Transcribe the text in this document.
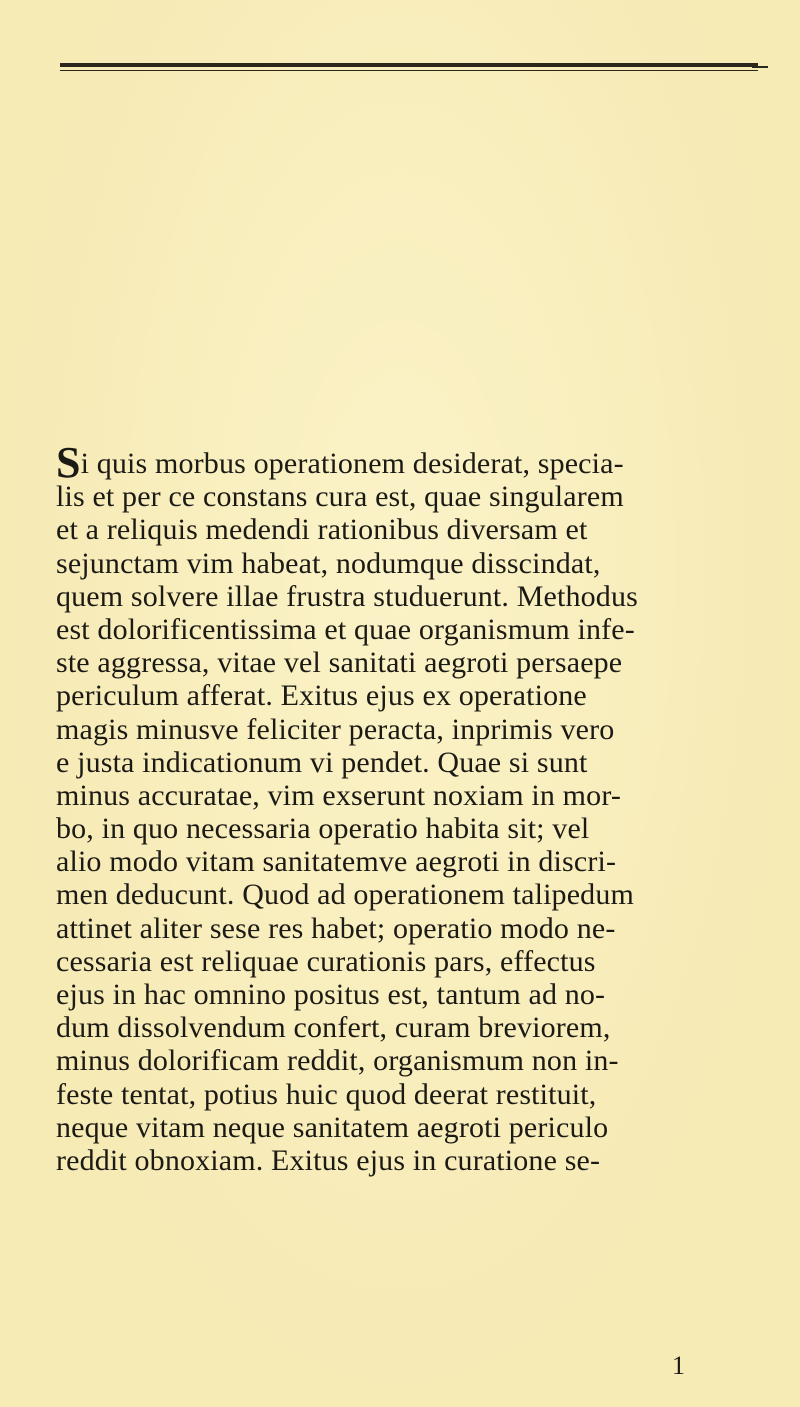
Si quis morbus operationem desiderat, specia-
lis et per ce constans cura est, quae singularem
et a reliquis medendi rationibus diversam et
sejunctam vim habeat, nodumque disscindat,
quem solvere illae frustra studuerunt. Methodus
est dolorificentissima et quae organismum infe-
ste aggressa, vitae vel sanitati aegroti persaepe
periculum afferat. Exitus ejus ex operatione
magis minusve feliciter peracta, inprimis vero
e justa indicationum vi pendet. Quae si sunt
minus accuratae, vim exserunt noxiam in mor-
bo, in quo necessaria operatio habita sit; vel
alio modo vitam sanitatemve aegroti in discri-
men deducunt. Quod ad operationem talipedum
attinet aliter sese res habet; operatio modo ne-
cessaria est reliquae curationis pars, effectus
ejus in hac omnino positus est, tantum ad no-
dum dissolvendum confert, curam breviorem,
minus dolorificam reddit, organismum non in-
feste tentat, potius huic quod deerat restituit,
neque vitam neque sanitatem aegroti periculo
reddit obnoxiam. Exitus ejus in curatione se-
1
